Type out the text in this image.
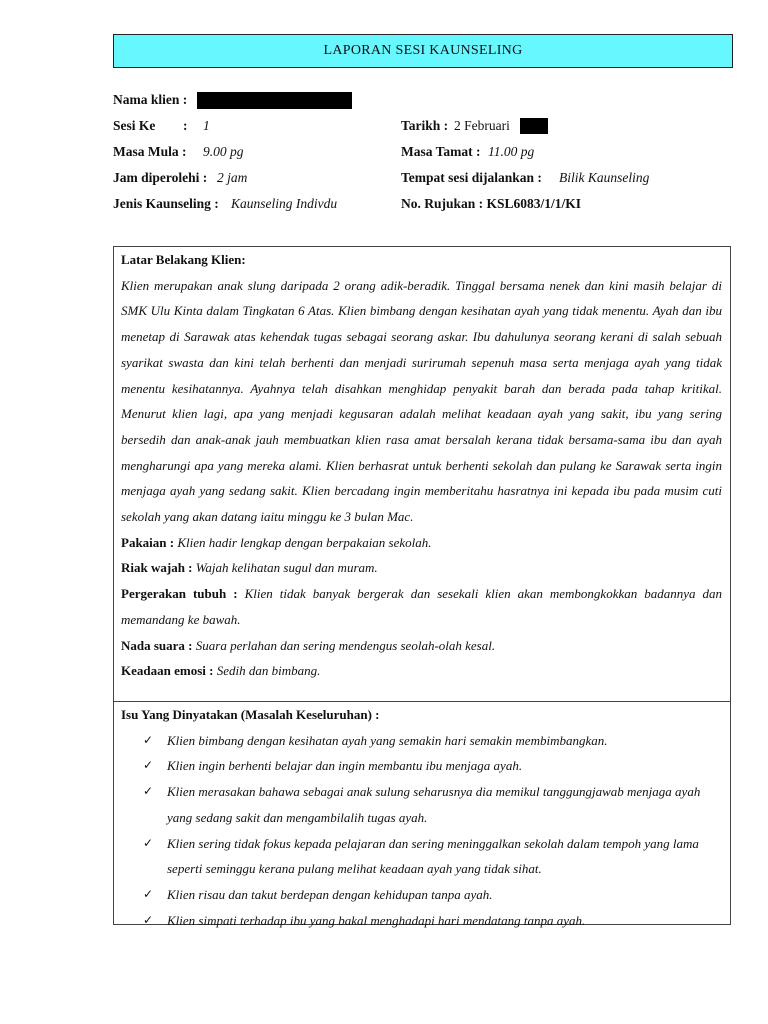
LAPORAN SESI KAUNSELING
Nama klien :
Sesi Ke : 1	Tarikh : 2 Februari
Masa Mula : 9.00 pg	Masa Tamat : 11.00 pg
Jam diperolehi : 2 jam	Tempat sesi dijalankan : Bilik Kaunseling
Jenis Kaunseling : Kaunseling Indivdu	No. Rujukan : KSL6083/1/1/KI

Latar Belakang Klien:

Klien merupakan anak slung daripada 2 orang adik-beradik. Tinggal bersama nenek dan kini masih belajar di SMK Ulu Kinta dalam Tingkatan 6 Atas. Klien bimbang dengan kesihatan ayah yang tidak menentu. Ayah dan ibu menetap di Sarawak atas kehendak tugas sebagai seorang askar. Ibu dahulunya seorang kerani di salah sebuah syarikat swasta dan kini telah berhenti dan menjadi surirumah sepenuh masa serta menjaga ayah yang tidak menentu kesihatannya. Ayahnya telah disahkan menghidap penyakit barah dan berada pada tahap kritikal. Menurut klien lagi, apa yang menjadi kegusaran adalah melihat keadaan ayah yang sakit, ibu yang sering bersedih dan anak-anak jauh membuatkan klien rasa amat bersalah kerana tidak bersama-sama ibu dan ayah mengharungi apa yang mereka alami. Klien berhasrat untuk berhenti sekolah dan pulang ke Sarawak serta ingin menjaga ayah yang sedang sakit. Klien bercadang ingin memberitahu hasratnya ini kepada ibu pada musim cuti sekolah yang akan datang iaitu minggu ke 3 bulan Mac.

Pakaian : Klien hadir lengkap dengan berpakaian sekolah.

Riak wajah : Wajah kelihatan sugul dan muram.

Pergerakan tubuh : Klien tidak banyak bergerak dan sesekali klien akan membongkokkan badannya dan memandang ke bawah.

Nada suara : Suara perlahan dan sering mendengus seolah-olah kesal.

Keadaan emosi : Sedih dan bimbang.

Isu Yang Dinyatakan (Masalah Keseluruhan) :

✓ Klien bimbang dengan kesihatan ayah yang semakin hari semakin membimbangkan.
✓ Klien ingin berhenti belajar dan ingin membantu ibu menjaga ayah.
✓ Klien merasakan bahawa sebagai anak sulung seharusnya dia memikul tanggungjawab menjaga ayah yang sedang sakit dan mengambilalih tugas ayah.
✓ Klien sering tidak fokus kepada pelajaran dan sering meninggalkan sekolah dalam tempoh yang lama seperti seminggu kerana pulang melihat keadaan ayah yang tidak sihat.
✓ Klien risau dan takut berdepan dengan kehidupan tanpa ayah.
✓ Klien simpati terhadap ibu yang bakal menghadapi hari mendatang tanpa ayah.
